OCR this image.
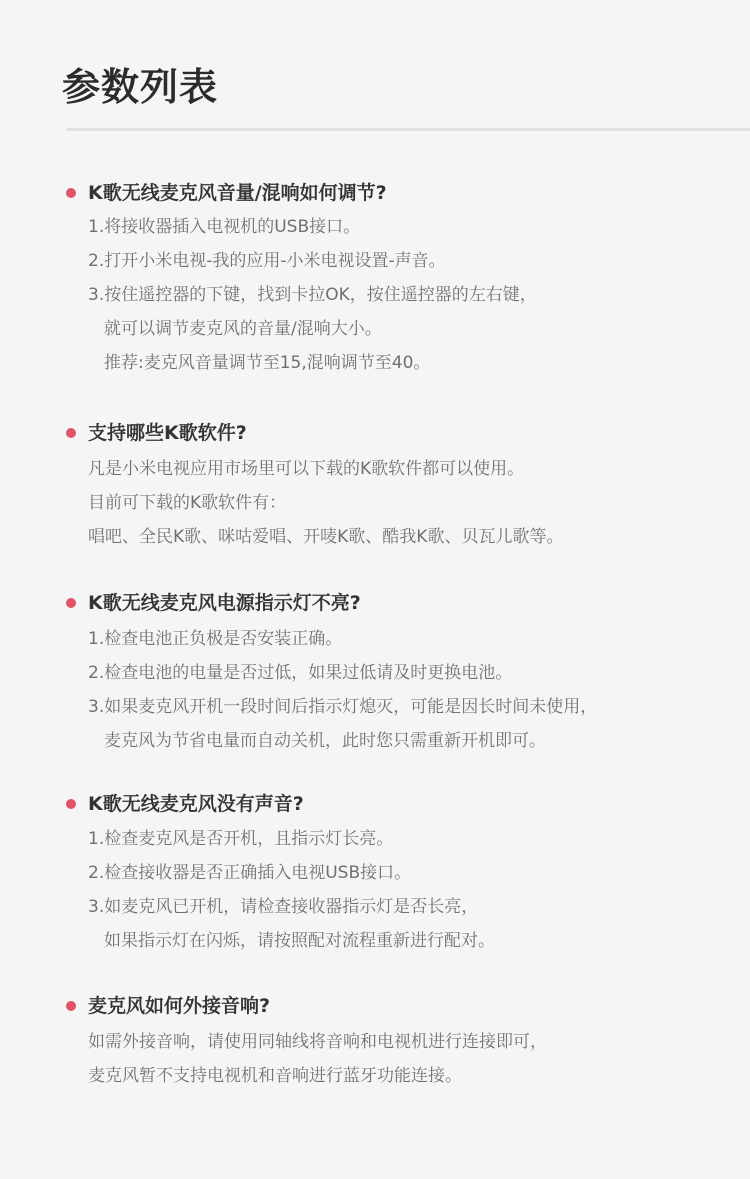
参数列表
K歌无线麦克风音量/混响如何调节?
1.将接收器插入电视机的USB接口。
2.打开小米电视-我的应用-小米电视设置-声音。
3.按住遥控器的下键，找到卡拉OK，按住遥控器的左右键，
就可以调节麦克风的音量/混响大小。
推荐:麦克风音量调节至15,混响调节至40。
支持哪些K歌软件?
凡是小米电视应用市场里可以下载的K歌软件都可以使用。
目前可下载的K歌软件有：
唱吧、全民K歌、咪咕爱唱、开唛K歌、酷我K歌、贝瓦儿歌等。
K歌无线麦克风电源指示灯不亮?
1.检查电池正负极是否安装正确。
2.检查电池的电量是否过低，如果过低请及时更换电池。
3.如果麦克风开机一段时间后指示灯熄灭，可能是因长时间未使用，
麦克风为节省电量而自动关机，此时您只需重新开机即可。
K歌无线麦克风没有声音?
1.检查麦克风是否开机，且指示灯长亮。
2.检查接收器是否正确插入电视USB接口。
3.如麦克风已开机，请检查接收器指示灯是否长亮，
如果指示灯在闪烁，请按照配对流程重新进行配对。
麦克风如何外接音响?
如需外接音响，请使用同轴线将音响和电视机进行连接即可，
麦克风暂不支持电视机和音响进行蓝牙功能连接。
